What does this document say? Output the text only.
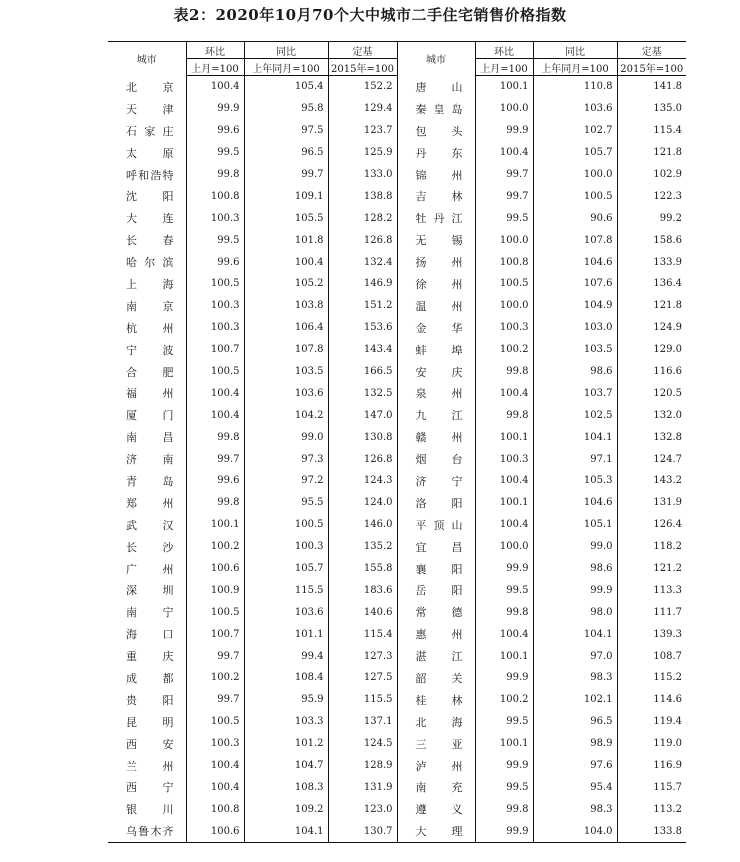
表2：2020年10月70个大中城市二手住宅销售价格指数
城市	环比	同比	定基	城市	环比	同比	定基
	上月=100	上年同月=100	2015年=100		上月=100	上年同月=100	2015年=100
北京	100.4	105.4	152.2	唐山	100.1	110.8	141.8
天津	99.9	95.8	129.4	秦皇岛	100.0	103.6	135.0
石家庄	99.6	97.5	123.7	包头	99.9	102.7	115.4
太原	99.5	96.5	125.9	丹东	100.4	105.7	121.8
呼和浩特	99.8	99.7	133.0	锦州	99.7	100.0	102.9
沈阳	100.8	109.1	138.8	吉林	99.7	100.5	122.3
大连	100.3	105.5	128.2	牡丹江	99.5	90.6	99.2
长春	99.5	101.8	126.8	无锡	100.0	107.8	158.6
哈尔滨	99.6	100.4	132.4	扬州	100.8	104.6	133.9
上海	100.5	105.2	146.9	徐州	100.5	107.6	136.4
南京	100.3	103.8	151.2	温州	100.0	104.9	121.8
杭州	100.3	106.4	153.6	金华	100.3	103.0	124.9
宁波	100.7	107.8	143.4	蚌埠	100.2	103.5	129.0
合肥	100.5	103.5	166.5	安庆	99.8	98.6	116.6
福州	100.4	103.6	132.5	泉州	100.4	103.7	120.5
厦门	100.4	104.2	147.0	九江	99.8	102.5	132.0
南昌	99.8	99.0	130.8	赣州	100.1	104.1	132.8
济南	99.7	97.3	126.8	烟台	100.3	97.1	124.7
青岛	99.6	97.2	124.3	济宁	100.4	105.3	143.2
郑州	99.8	95.5	124.0	洛阳	100.1	104.6	131.9
武汉	100.1	100.5	146.0	平顶山	100.4	105.1	126.4
长沙	100.2	100.3	135.2	宜昌	100.0	99.0	118.2
广州	100.6	105.7	155.8	襄阳	99.9	98.6	121.2
深圳	100.9	115.5	183.6	岳阳	99.5	99.9	113.3
南宁	100.5	103.6	140.6	常德	99.8	98.0	111.7
海口	100.7	101.1	115.4	惠州	100.4	104.1	139.3
重庆	99.7	99.4	127.3	湛江	100.1	97.0	108.7
成都	100.2	108.4	127.5	韶关	99.9	98.3	115.2
贵阳	99.7	95.9	115.5	桂林	100.2	102.1	114.6
昆明	100.5	103.3	137.1	北海	99.5	96.5	119.4
西安	100.3	101.2	124.5	三亚	100.1	98.9	119.0
兰州	100.4	104.7	128.9	泸州	99.9	97.6	116.9
西宁	100.4	108.3	131.9	南充	99.5	95.4	115.7
银川	100.8	109.2	123.0	遵义	99.8	98.3	113.2
乌鲁木齐	100.6	104.1	130.7	大理	99.9	104.0	133.8
